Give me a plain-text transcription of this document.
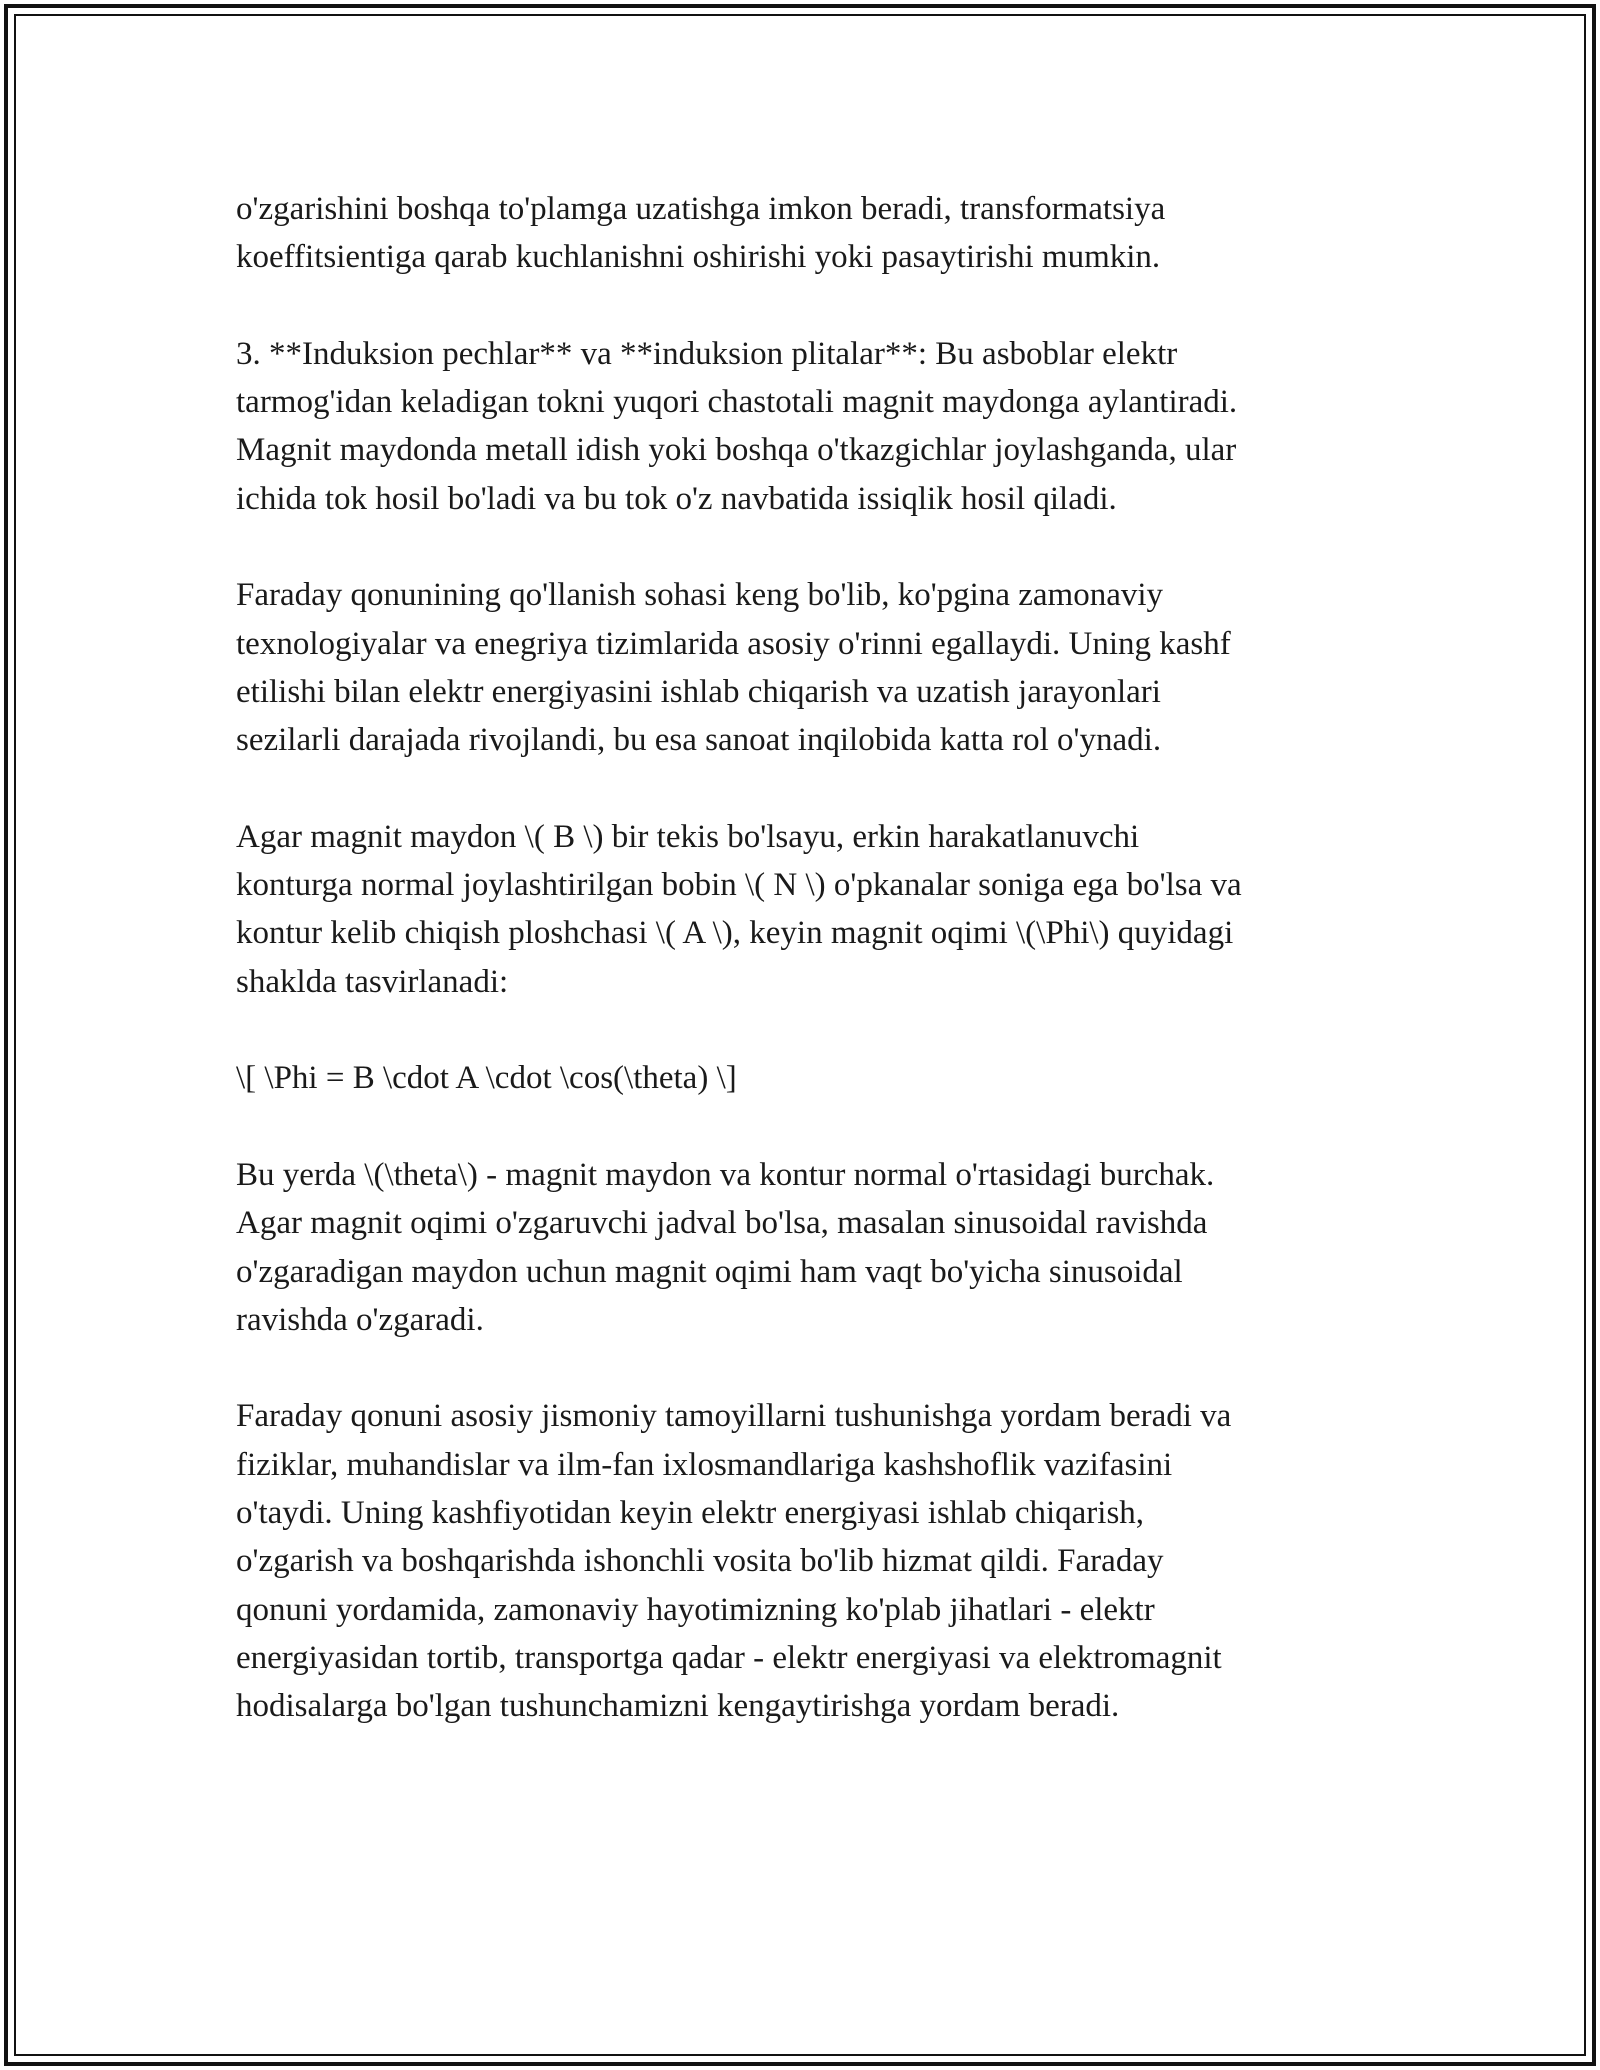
o'zgarishini boshqa to'plamga uzatishga imkon beradi, transformatsiya
koeffitsientiga qarab kuchlanishni oshirishi yoki pasaytirishi mumkin.

3. **Induksion pechlar** va **induksion plitalar**: Bu asboblar elektr
tarmog'idan keladigan tokni yuqori chastotali magnit maydonga aylantiradi.
Magnit maydonda metall idish yoki boshqa o'tkazgichlar joylashganda, ular
ichida tok hosil bo'ladi va bu tok o'z navbatida issiqlik hosil qiladi.

Faraday qonunining qo'llanish sohasi keng bo'lib, ko'pgina zamonaviy
texnologiyalar va enegriya tizimlarida asosiy o'rinni egallaydi. Uning kashf
etilishi bilan elektr energiyasini ishlab chiqarish va uzatish jarayonlari
sezilarli darajada rivojlandi, bu esa sanoat inqilobida katta rol o'ynadi.

Agar magnit maydon \( B \) bir tekis bo'lsayu, erkin harakatlanuvchi
konturga normal joylashtirilgan bobin \( N \) o'pkanalar soniga ega bo'lsa va
kontur kelib chiqish ploshchasi \( A \), keyin magnit oqimi \(\Phi\) quyidagi
shaklda tasvirlanadi:

\[ \Phi = B \cdot A \cdot \cos(\theta) \]

Bu yerda \(\theta\) - magnit maydon va kontur normal o'rtasidagi burchak.
Agar magnit oqimi o'zgaruvchi jadval bo'lsa, masalan sinusoidal ravishda
o'zgaradigan maydon uchun magnit oqimi ham vaqt bo'yicha sinusoidal
ravishda o'zgaradi.

Faraday qonuni asosiy jismoniy tamoyillarni tushunishga yordam beradi va
fiziklar, muhandislar va ilm-fan ixlosmandlariga kashshoflik vazifasini
o'taydi. Uning kashfiyotidan keyin elektr energiyasi ishlab chiqarish,
o'zgarish va boshqarishda ishonchli vosita bo'lib hizmat qildi. Faraday
qonuni yordamida, zamonaviy hayotimizning ko'plab jihatlari - elektr
energiyasidan tortib, transportga qadar - elektr energiyasi va elektromagnit
hodisalarga bo'lgan tushunchamizni kengaytirishga yordam beradi.
